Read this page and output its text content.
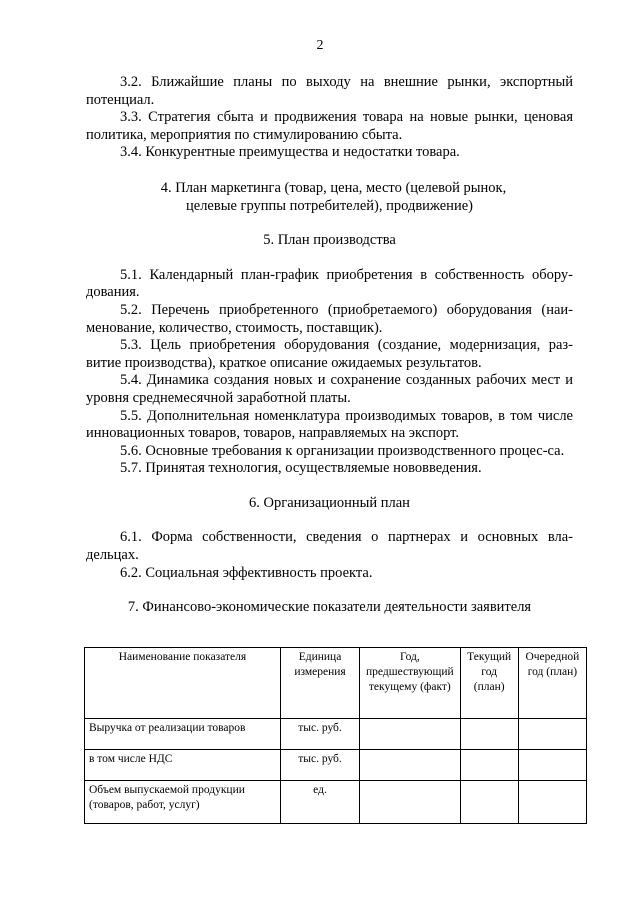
2

3.2. Ближайшие планы по выходу на внешние рынки, экспортный потенциал.

3.3. Стратегия сбыта и продвижения товара на новые рынки, ценовая политика, мероприятия по стимулированию сбыта.

3.4. Конкурентные преимущества и недостатки товара.

4. План маркетинга (товар, цена, место (целевой рынок,

целевые группы потребителей), продвижение)

5. План производства

5.1. Календарный план-график приобретения в собственность обору-дования.

5.2. Перечень приобретенного (приобретаемого) оборудования (наи-менование, количество, стоимость, поставщик).

5.3. Цель приобретения оборудования (создание, модернизация, раз-витие производства), краткое описание ожидаемых результатов.

5.4. Динамика создания новых и сохранение созданных рабочих мест и уровня среднемесячной заработной платы.

5.5. Дополнительная номенклатура производимых товаров, в том числе инновационных товаров, товаров, направляемых на экспорт.

5.6. Основные требования к организации производственного процес-са.

5.7. Принятая технология, осуществляемые нововведения.

6. Организационный план

6.1. Форма собственности, сведения о партнерах и основных вла-дельцах.

6.2. Социальная эффективность проекта.

7. Финансово-экономические показатели деятельности заявителя

Наименование показателя	Единица измерения	Год, предшествующий текущему (факт)	Текущий год (план)	Очередной год (план)
Выручка от реализации товаров	тыс. руб.			
в том числе НДС	тыс. руб.			
Объем выпускаемой продукции (товаров, работ, услуг)	ед.			
